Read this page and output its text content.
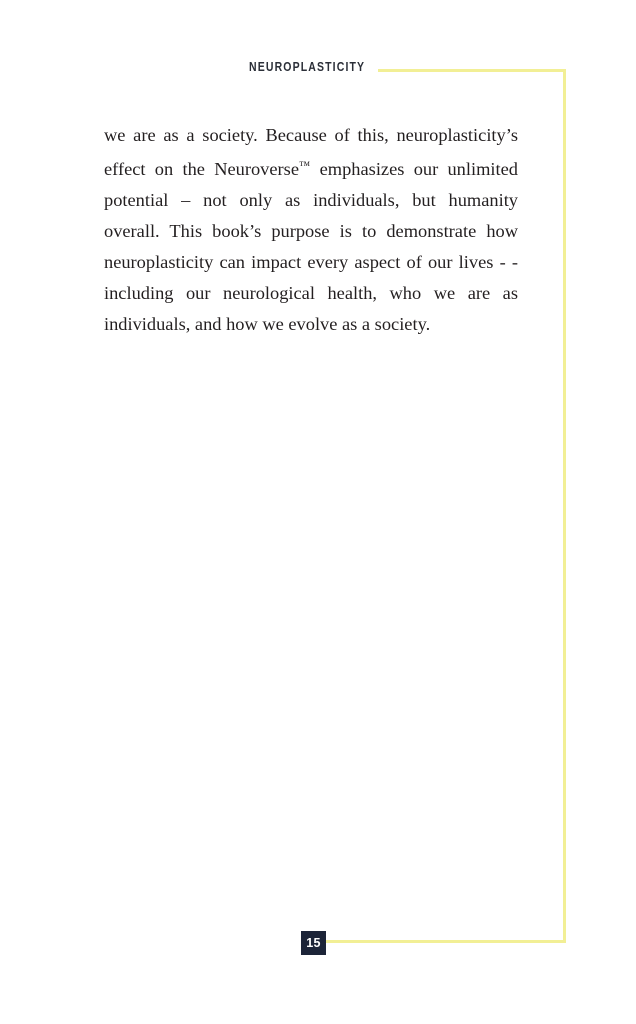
NEUROPLASTICITY

we are as a society. Because of this, neuroplasticity’s effect on the Neuroverse™ emphasizes our unlimited potential – not only as individuals, but humanity overall. This book’s purpose is to demonstrate how neuroplasticity can impact every aspect of our lives - - including our neurological health, who we are as individuals, and how we evolve as a society.

15
